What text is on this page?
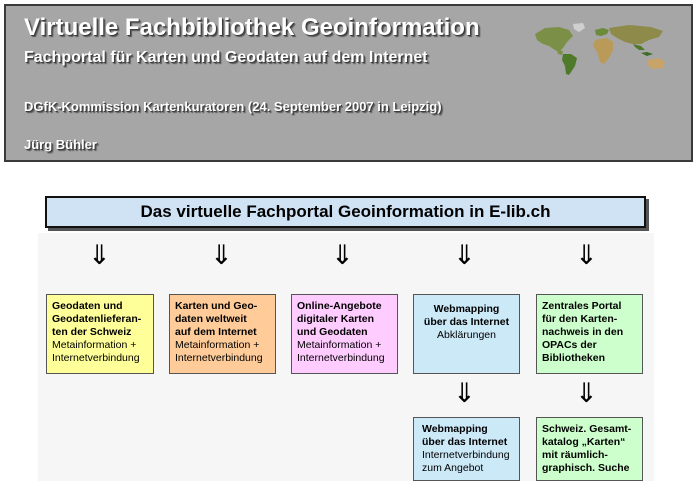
Virtuelle Fachbibliothek Geoinformation
Fachportal für Karten und Geodaten auf dem Internet
DGfK-Kommission Kartenkuratoren (24. September 2007 in Leipzig)
Jürg Bühler
Das virtuelle Fachportal Geoinformation in E-lib.ch
⇓	⇓	⇓	⇓	⇓
Geodaten und
Geodatenlieferan-
ten der Schweiz
Metainformation +
Internetverbindung
Karten und Geo-
daten weltweit
auf dem Internet
Metainformation +
Internetverbindung
Online-Angebote
digitaler Karten
und Geodaten
Metainformation +
Internetverbindung
Webmapping
über das Internet
Abklärungen
Zentrales Portal
für den Karten-
nachweis in den
OPACs der
Bibliotheken
⇓	⇓
Webmapping
über das Internet
Internetverbindung
zum Angebot
Schweiz. Gesamt-
katalog „Karten“
mit räumlich-
graphisch. Suche
